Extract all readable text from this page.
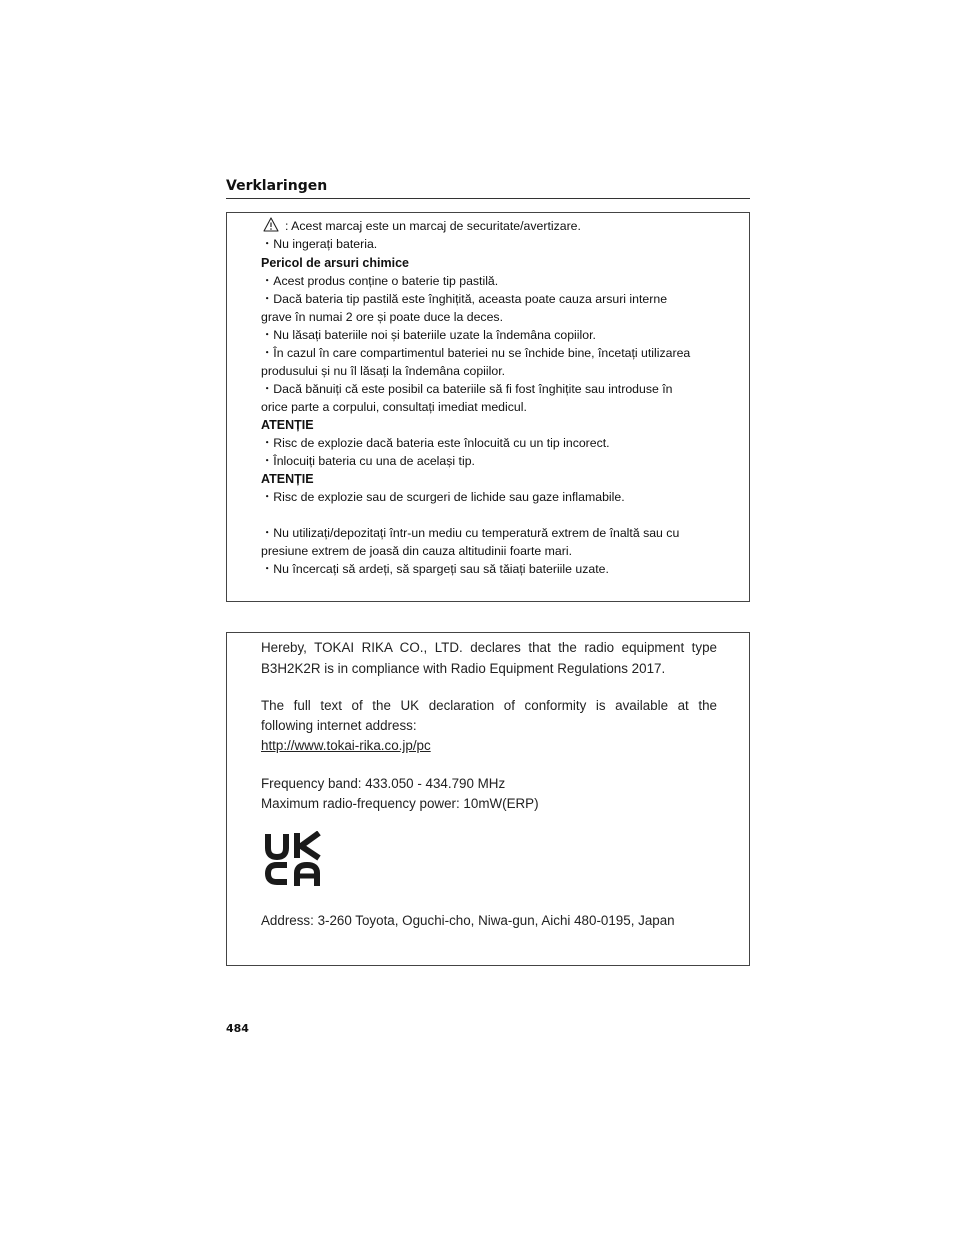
Verklaringen
: Acest marcaj este un marcaj de securitate/avertizare.
・Nu ingerați bateria.
Pericol de arsuri chimice
・Acest produs conține o baterie tip pastilă.
・Dacă bateria tip pastilă este înghițită, aceasta poate cauza arsuri interne
grave în numai 2 ore și poate duce la deces.
・Nu lăsați bateriile noi și bateriile uzate la îndemâna copiilor.
・În cazul în care compartimentul bateriei nu se închide bine, încetați utilizarea
produsului și nu îl lăsați la îndemâna copiilor.
・Dacă bănuiți că este posibil ca bateriile să fi fost înghițite sau introduse în
orice parte a corpului, consultați imediat medicul.
ATENȚIE
・Risc de explozie dacă bateria este înlocuită cu un tip incorect.
・Înlocuiți bateria cu una de același tip.
ATENȚIE
・Risc de explozie sau de scurgeri de lichide sau gaze inflamabile.
・Nu utilizați/depozitați într-un mediu cu temperatură extrem de înaltă sau cu
presiune extrem de joasă din cauza altitudinii foarte mari.
・Nu încercați să ardeți, să spargeți sau să tăiați bateriile uzate.
Hereby, TOKAI RIKA CO., LTD. declares that the radio equipment type
B3H2K2R is in compliance with Radio Equipment Regulations 2017.
The full text of the UK declaration of conformity is available at the
following internet address:
http://www.tokai-rika.co.jp/pc
Frequency band: 433.050 - 434.790 MHz
Maximum radio-frequency power: 10mW(ERP)
Address: 3-260 Toyota, Oguchi-cho, Niwa-gun, Aichi 480-0195, Japan
484
